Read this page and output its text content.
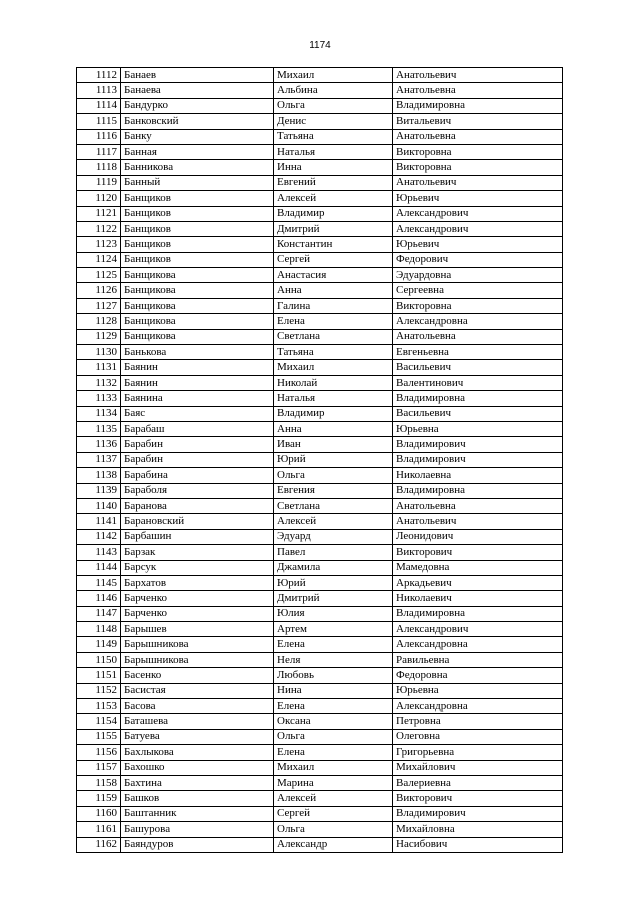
1174
1112	Банаев	Михаил	Анатольевич
1113	Банаева	Альбина	Анатольевна
1114	Бандурко	Ольга	Владимировна
1115	Банковский	Денис	Витальевич
1116	Банку	Татьяна	Анатольевна
1117	Банная	Наталья	Викторовна
1118	Банникова	Инна	Викторовна
1119	Банный	Евгений	Анатольевич
1120	Банщиков	Алексей	Юрьевич
1121	Банщиков	Владимир	Александрович
1122	Банщиков	Дмитрий	Александрович
1123	Банщиков	Константин	Юрьевич
1124	Банщиков	Сергей	Федорович
1125	Банщикова	Анастасия	Эдуардовна
1126	Банщикова	Анна	Сергеевна
1127	Банщикова	Галина	Викторовна
1128	Банщикова	Елена	Александровна
1129	Банщикова	Светлана	Анатольевна
1130	Банькова	Татьяна	Евгеньевна
1131	Баянин	Михаил	Васильевич
1132	Баянин	Николай	Валентинович
1133	Баянина	Наталья	Владимировна
1134	Баяс	Владимир	Васильевич
1135	Барабаш	Анна	Юрьевна
1136	Барабин	Иван	Владимирович
1137	Барабин	Юрий	Владимирович
1138	Барабина	Ольга	Николаевна
1139	Бараболя	Евгения	Владимировна
1140	Баранова	Светлана	Анатольевна
1141	Барановский	Алексей	Анатольевич
1142	Барбашин	Эдуард	Леонидович
1143	Барзак	Павел	Викторович
1144	Барсук	Джамила	Мамедовна
1145	Бархатов	Юрий	Аркадьевич
1146	Барченко	Дмитрий	Николаевич
1147	Барченко	Юлия	Владимировна
1148	Барышев	Артем	Александрович
1149	Барышникова	Елена	Александровна
1150	Барышникова	Неля	Равильевна
1151	Басенко	Любовь	Федоровна
1152	Басистая	Нина	Юрьевна
1153	Басова	Елена	Александровна
1154	Баташева	Оксана	Петровна
1155	Батуева	Ольга	Олеговна
1156	Бахлыкова	Елена	Григорьевна
1157	Бахошко	Михаил	Михайлович
1158	Бахтина	Марина	Валериевна
1159	Башков	Алексей	Викторович
1160	Баштанник	Сергей	Владимирович
1161	Башурова	Ольга	Михайловна
1162	Баяндуров	Александр	Насибович
